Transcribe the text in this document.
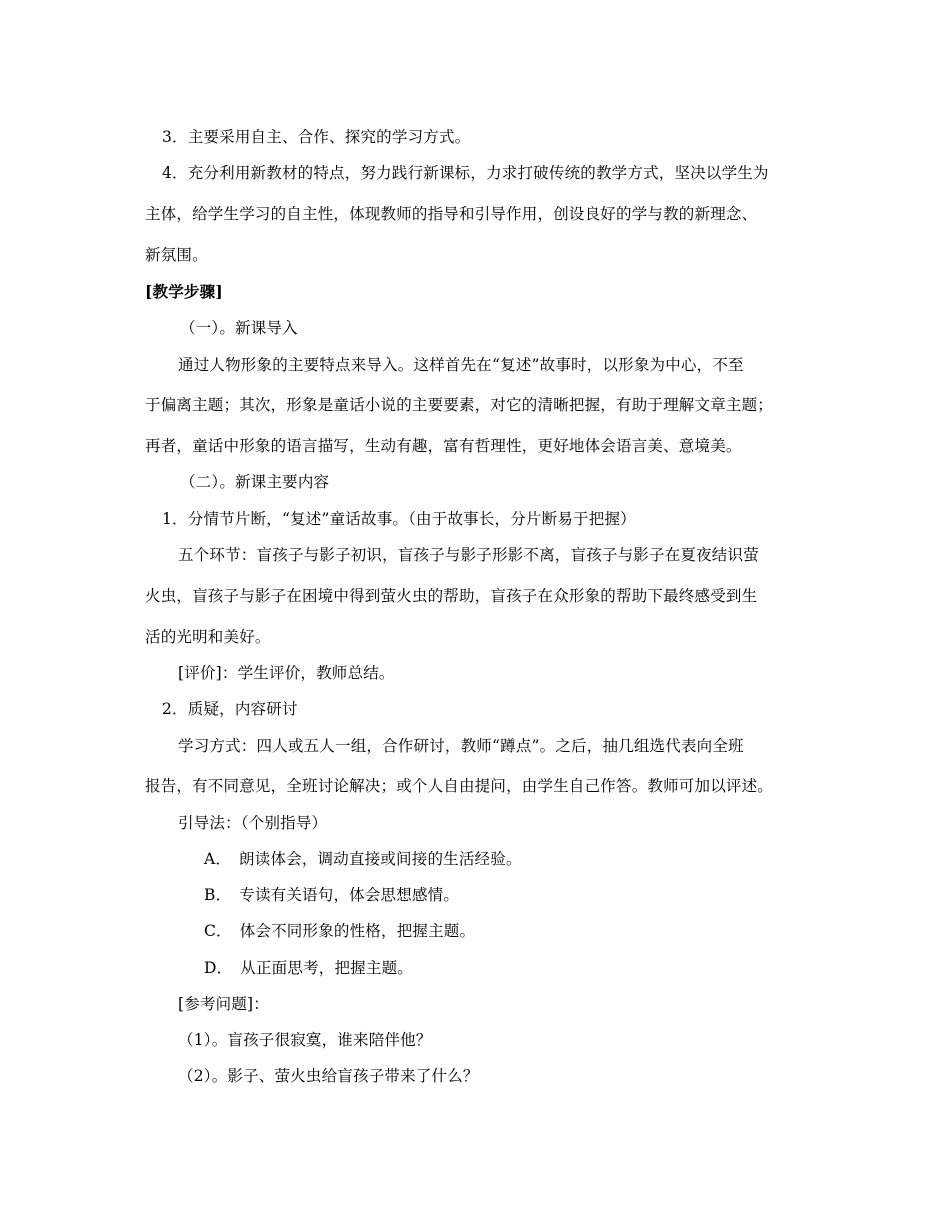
3．主要采用自主、合作、探究的学习方式。
4．充分利用新教材的特点，努力践行新课标，力求打破传统的教学方式，坚决以学生为
主体，给学生学习的自主性，体现教师的指导和引导作用，创设良好的学与教的新理念、
新氛围。
[教学步骤]
（一）。新课导入
通过人物形象的主要特点来导入。这样首先在“复述”故事时，以形象为中心，不至
于偏离主题；其次，形象是童话小说的主要要素，对它的清晰把握，有助于理解文章主题；
再者，童话中形象的语言描写，生动有趣，富有哲理性，更好地体会语言美、意境美。
（二）。新课主要内容
1．分情节片断，“复述”童话故事。（由于故事长，分片断易于把握）
五个环节：盲孩子与影子初识，盲孩子与影子形影不离，盲孩子与影子在夏夜结识萤
火虫，盲孩子与影子在困境中得到萤火虫的帮助，盲孩子在众形象的帮助下最终感受到生
活的光明和美好。
[评价]：学生评价，教师总结。
2．质疑，内容研讨
学习方式：四人或五人一组，合作研讨，教师“蹲点”。之后，抽几组选代表向全班
报告，有不同意见，全班讨论解决；或个人自由提问，由学生自己作答。教师可加以评述。
引导法：（个别指导）
A．　朗读体会，调动直接或间接的生活经验。
B．　专读有关语句，体会思想感情。
C．　体会不同形象的性格，把握主题。
D．　从正面思考，把握主题。
[参考问题]：
（1）。盲孩子很寂寞，谁来陪伴他？
（2）。影子、萤火虫给盲孩子带来了什么？
